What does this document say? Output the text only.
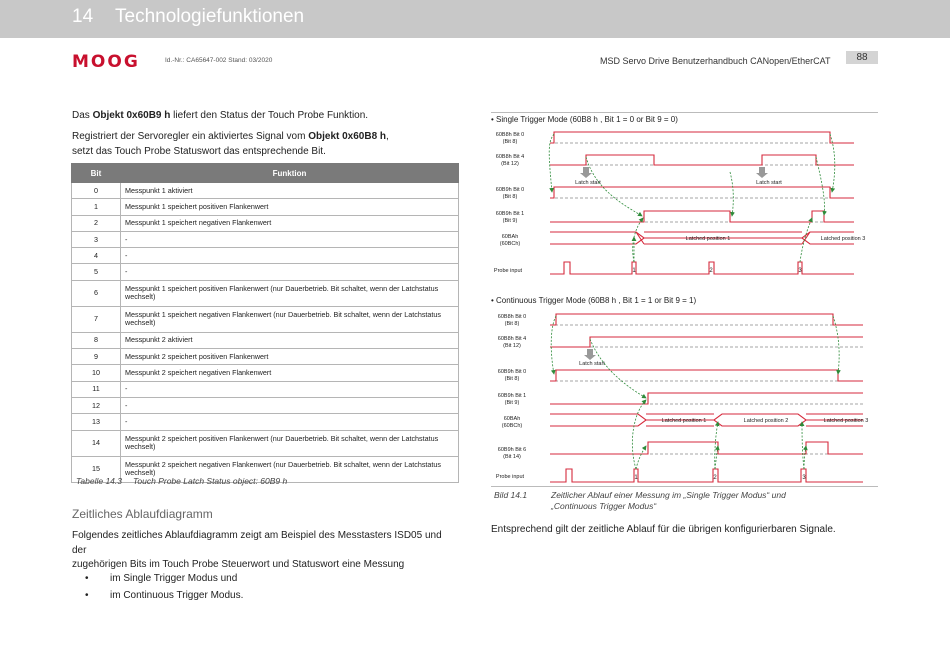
14 Technologiefunktionen
MOOG	Id.-Nr.: CA65647-002 Stand: 03/2020	MSD Servo Drive Benutzerhandbuch CANopen/EtherCAT	88
Das Objekt 0x60B9 h liefert den Status der Touch Probe Funktion.
Registriert der Servoregler ein aktiviertes Signal vom Objekt 0x60B8 h,
setzt das Touch Probe Statuswort das entsprechende Bit.
Bit	Funktion
0	Messpunkt 1 aktiviert
1	Messpunkt 1 speichert positiven Flankenwert
2	Messpunkt 1 speichert negativen Flankenwert
3	-
4	-
5	-
6	Messpunkt 1 speichert positiven Flankenwert (nur Dauerbetrieb. Bit schaltet, wenn der Latchstatus wechselt)
7	Messpunkt 1 speichert negativen Flankenwert (nur Dauerbetrieb. Bit schaltet, wenn der Latchstatus wechselt)
8	Messpunkt 2 aktiviert
9	Messpunkt 2 speichert positiven Flankenwert
10	Messpunkt 2 speichert negativen Flankenwert
11	-
12	-
13	-
14	Messpunkt 2 speichert positiven Flankenwert (nur Dauerbetrieb. Bit schaltet, wenn der Latchstatus wechselt)
15	Messpunkt 2 speichert negativen Flankenwert (nur Dauerbetrieb. Bit schaltet, wenn der Latchstatus wechselt)
Tabelle 14.3 Touch Probe Latch Status object: 60B9 h
Zeitliches Ablaufdiagramm
Folgendes zeitliches Ablaufdiagramm zeigt am Beispiel des Messtasters ISD05 und
der
zugehörigen Bits im Touch Probe Steuerwort und Statuswort eine Messung
• im Single Trigger Modus und
• im Continuous Trigger Modus.
• Single Trigger Mode (60B8 h , Bit 1 = 0 or Bit 9 = 0)
60B8h Bit 0
(Bit 8)
60B8h Bit 4
(Bit 12)
60B9h Bit 0
(Bit 8)
60B9h Bit 1
(Bit 9)
60BAh
(60BCh)
Probe input
Latched position 1	Latched position 3
Latch start	Latch start
1	2	3
• Continuous Trigger Mode (60B8 h , Bit 1 = 1 or Bit 9 = 1)
60B8h Bit 0
(Bit 8)
60B8h Bit 4
(Bit 12)
60B9h Bit 0
(Bit 8)
60B9h Bit 1
(Bit 9)
60BAh
(60BCh)
60B9h Bit 6
(Bit 14)
Probe input
Latched position 1	Latched position 2	Latched position 3
Latch start
1	2	3
Bild 14.1	Zeitlicher Ablauf einer Messung im „Single Trigger Modus“ und
„Continuous Trigger Modus“
Entsprechend gilt der zeitliche Ablauf für die übrigen konfigurierbaren Signale.
